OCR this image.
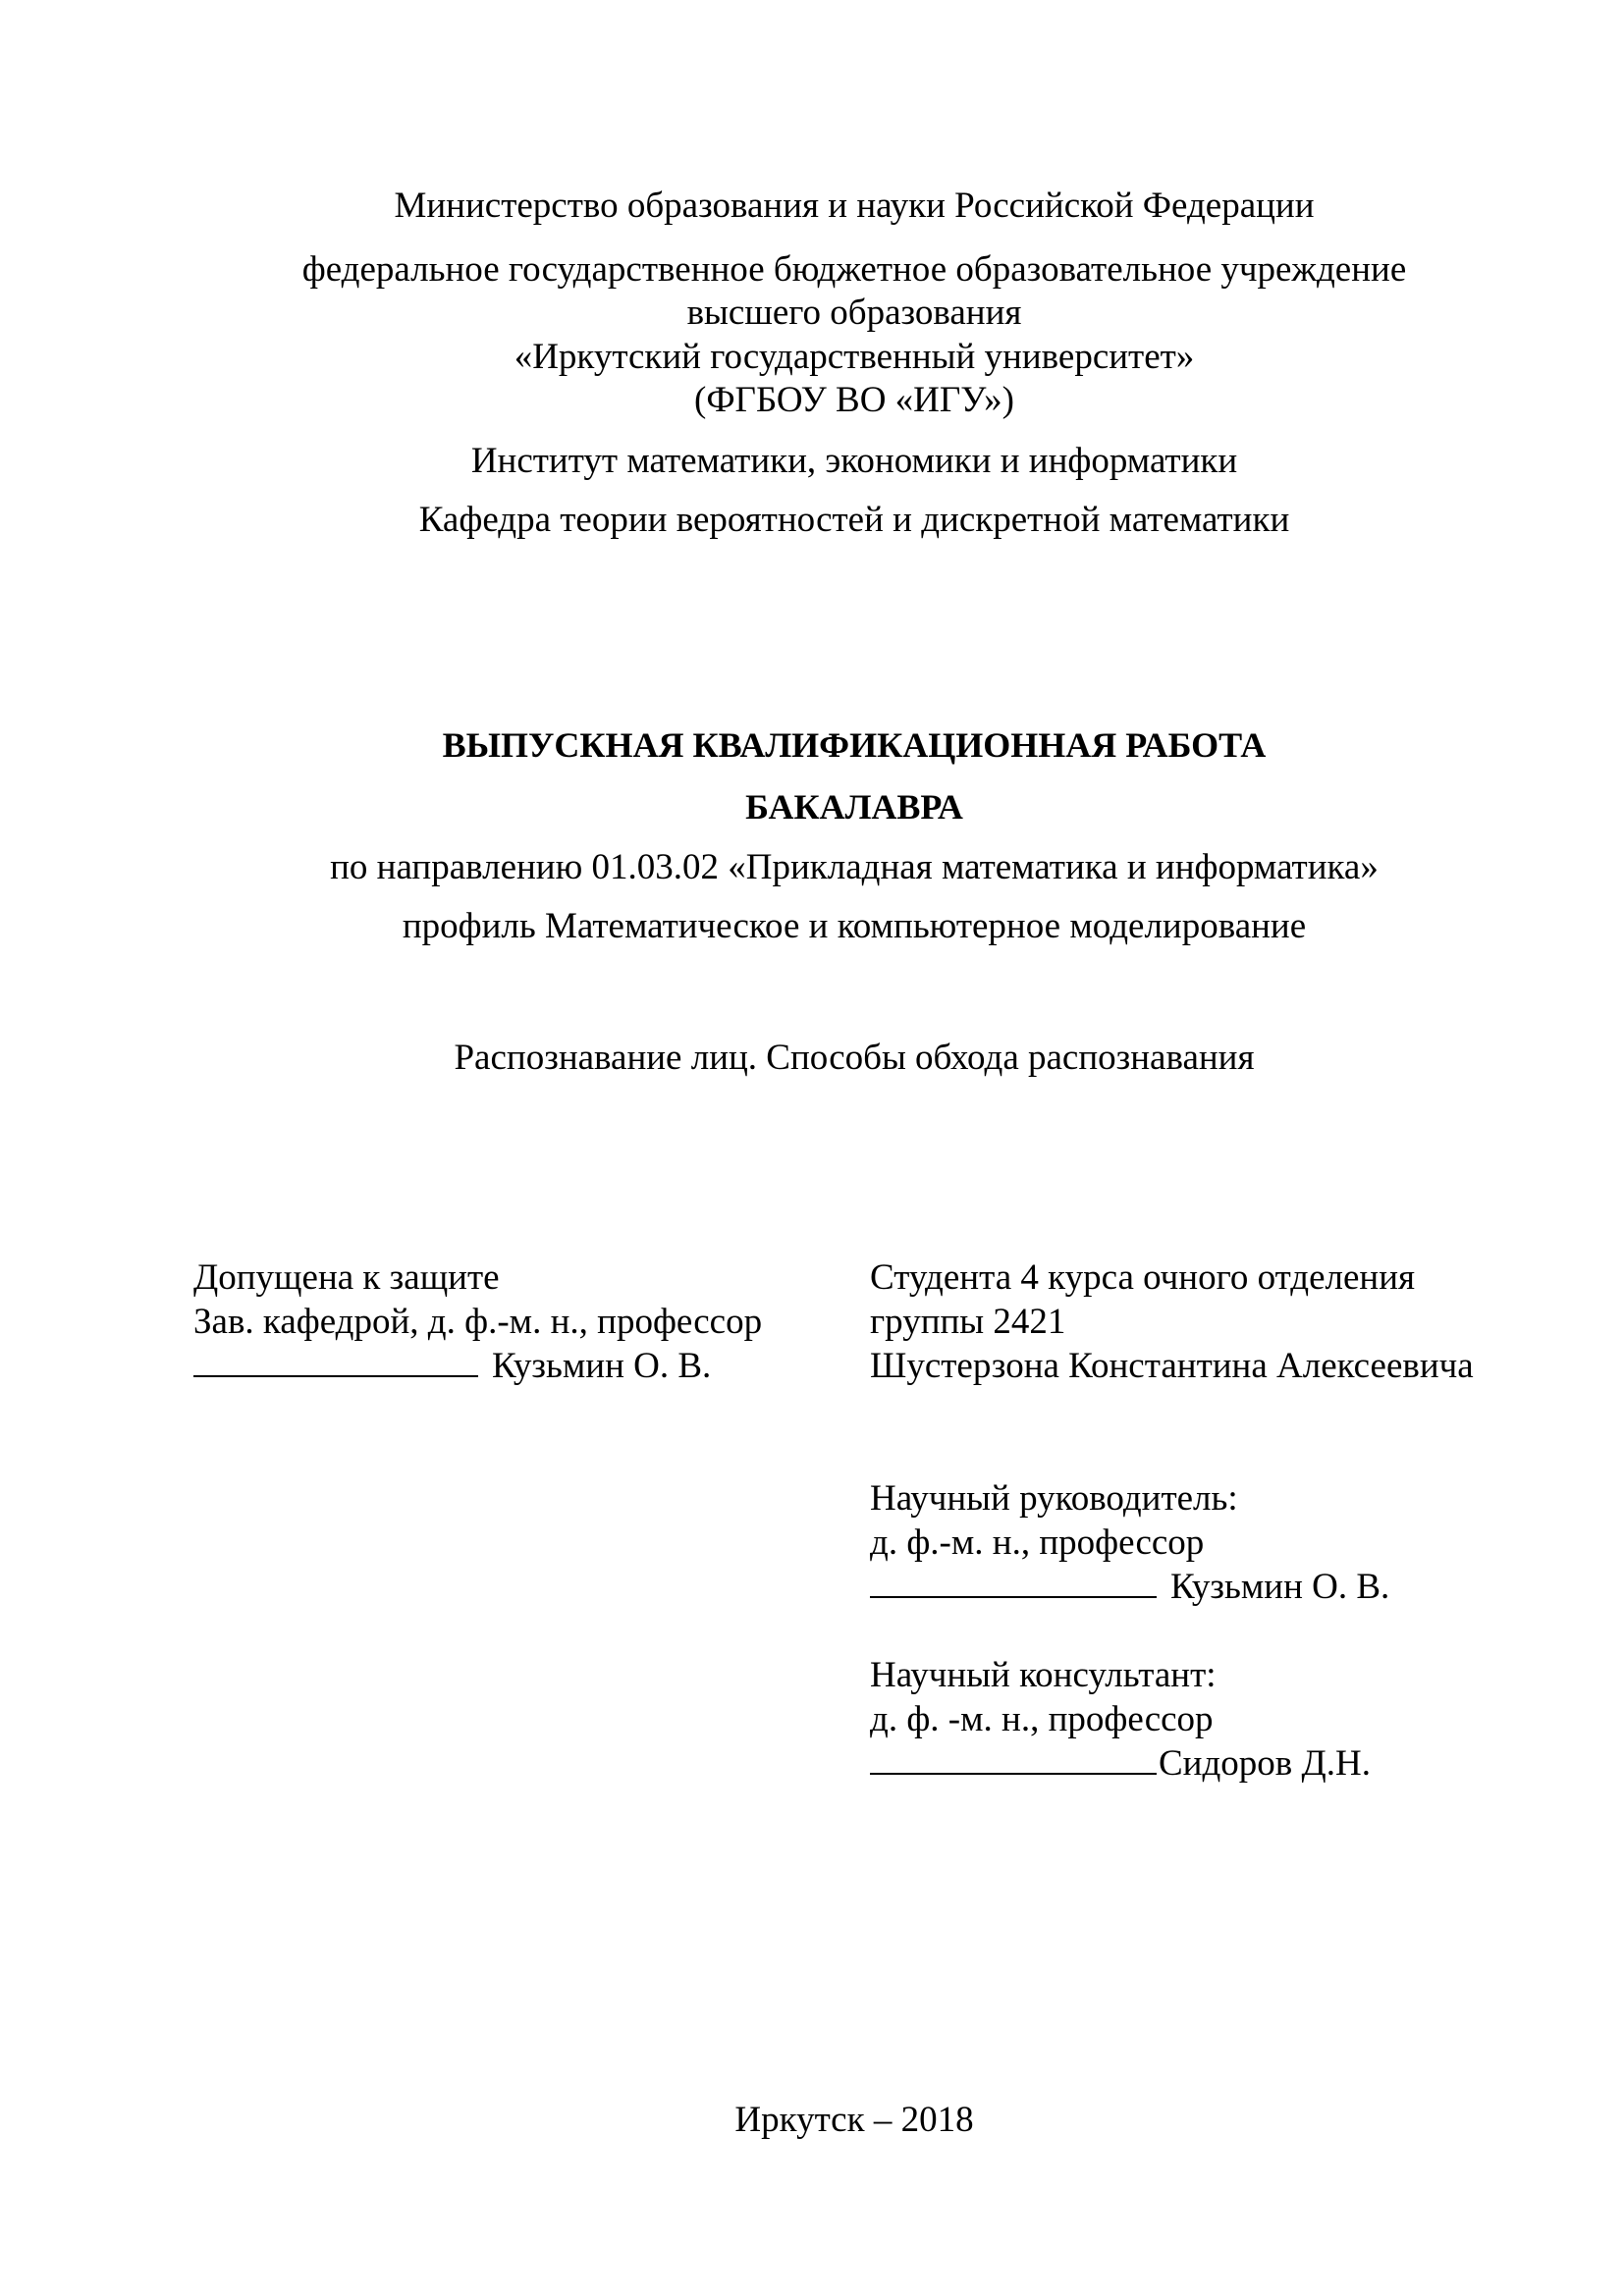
Министерство образования и науки Российской Федерации
федеральное государственное бюджетное образовательное учреждение
высшего образования
«Иркутский государственный университет»
(ФГБОУ ВО «ИГУ»)
Институт математики, экономики и информатики
Кафедра теории вероятностей и дискретной математики
ВЫПУСКНАЯ КВАЛИФИКАЦИОННАЯ РАБОТА
БАКАЛАВРА
по направлению 01.03.02 «Прикладная математика и информатика»
профиль Математическое и компьютерное моделирование
Распознавание лиц. Способы обхода распознавания
Допущена к защите
Зав. кафедрой, д. ф.-м. н., профессор
Кузьмин О. В.
Студента 4 курса очного отделения
группы 2421
Шустерзона Константина Алексеевича
Научный руководитель:
д. ф.-м. н., профессор
Кузьмин О. В.
Научный консультант:
д. ф. -м. н., профессор
Сидоров Д.Н.
Иркутск – 2018
